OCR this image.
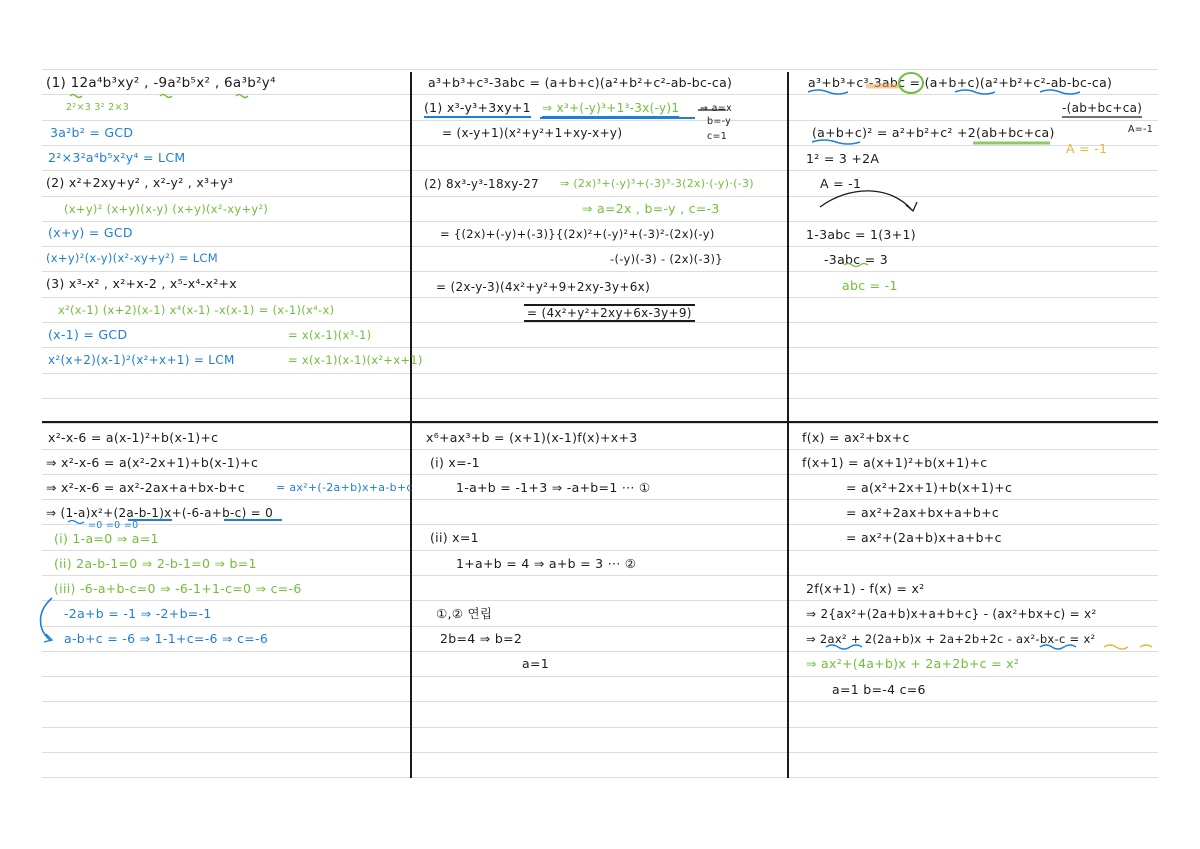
(1) 12a⁴b³xy² , -9a²b⁵x² , 6a³b²y⁴
2²×3 3² 2×3
3a²b² = GCD
2²×3²a⁴b⁵x²y⁴ = LCM
(2) x²+2xy+y² , x²-y² , x³+y³
(x+y)² (x+y)(x-y) (x+y)(x²-xy+y²)
(x+y) = GCD
(x+y)²(x-y)(x²-xy+y²) = LCM
(3) x³-x² , x²+x-2 , x⁵-x⁴-x²+x
x²(x-1) (x+2)(x-1) x⁴(x-1) -x(x-1) = (x-1)(x⁴-x)
(x-1) = GCD	= x(x-1)(x³-1)
x²(x+2)(x-1)²(x²+x+1) = LCM	= x(x-1)(x-1)(x²+x+1)
a³+b³+c³-3abc = (a+b+c)(a²+b²+c²-ab-bc-ca)
(1) x³-y³+3xy+1 ⇒ x³+(-y)³+1³-3x(-y)1 ⇒ a=x
b=-y
c=1
= (x-y+1)(x²+y²+1+xy-x+y)
(2) 8x³-y³-18xy-27 ⇒ (2x)³+(-y)³+(-3)³-3(2x)·(-y)·(-3)
⇒ a=2x , b=-y , c=-3
= {(2x)+(-y)+(-3)}{(2x)²+(-y)²+(-3)²-(2x)(-y)
-(-y)(-3) - (2x)(-3)}
= (2x-y-3)(4x²+y²+9+2xy-3y+6x)
= (4x²+y²+2xy+6x-3y+9)
a³+b³+c³-3abc = (a+b+c)(a²+b²+c²-ab-bc-ca)
-(ab+bc+ca)
A=-1
(a+b+c)² = a²+b²+c² +2(ab+bc+ca)
A = -1
1² = 3 +2A
A = -1
1-3abc = 1(3+1)
-3abc = 3
abc = -1
x²-x-6 = a(x-1)²+b(x-1)+c
⇒ x²-x-6 = a(x²-2x+1)+b(x-1)+c
⇒ x²-x-6 = ax²-2ax+a+bx-b+c	= ax²+(-2a+b)x+a-b+c
⇒ (1-a)x²+(2a-b-1)x+(-6-a+b-c) = 0
=0 =0 =0
(i) 1-a=0 ⇒ a=1
(ii) 2a-b-1=0 ⇒ 2-b-1=0 ⇒ b=1
(iii) -6-a+b-c=0 ⇒ -6-1+1-c=0 ⇒ c=-6
-2a+b = -1 ⇒ -2+b=-1
a-b+c = -6 ⇒ 1-1+c=-6 ⇒ c=-6
x⁶+ax³+b = (x+1)(x-1)f(x)+x+3
(i) x=-1
1-a+b = -1+3 ⇒ -a+b=1 ··· ①
(ii) x=1
1+a+b = 4 ⇒ a+b = 3 ··· ②
①,② 연립
2b=4 ⇒ b=2
a=1
f(x) = ax²+bx+c
f(x+1) = a(x+1)²+b(x+1)+c
= a(x²+2x+1)+b(x+1)+c
= ax²+2ax+bx+a+b+c
= ax²+(2a+b)x+a+b+c
2f(x+1) - f(x) = x²
⇒ 2{ax²+(2a+b)x+a+b+c} - (ax²+bx+c) = x²
⇒ 2ax² + 2(2a+b)x + 2a+2b+2c - ax²-bx-c = x²
⇒ ax²+(4a+b)x + 2a+2b+c = x²
a=1 b=-4 c=6
